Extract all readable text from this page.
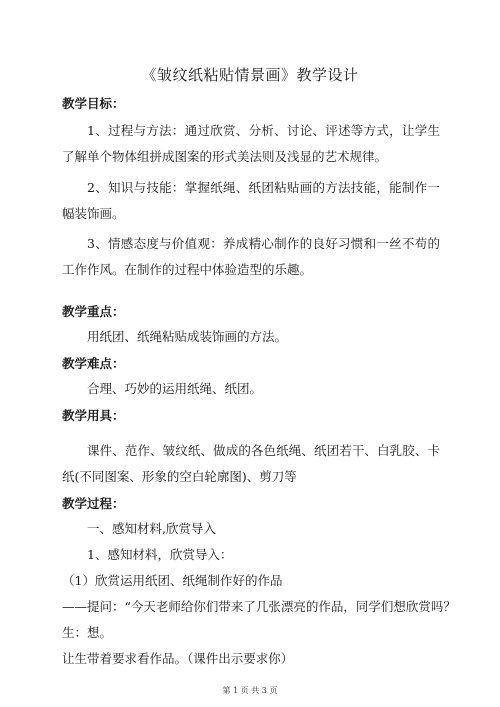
《皱纹纸粘贴情景画》教学设计
教学目标：
1、过程与方法：通过欣赏、分析、讨论、评述等方式，让学生了解单个物体组拼成图案的形式美法则及浅显的艺术规律。
2、知识与技能：掌握纸绳、纸团粘贴画的方法技能，能制作一幅装饰画。
3、情感态度与价值观：养成精心制作的良好习惯和一丝不苟的工作作风。在制作的过程中体验造型的乐趣。
教学重点：
用纸团、纸绳粘贴成装饰画的方法。
教学难点：
合理、巧妙的运用纸绳、纸团。
教学用具：
课件、范作、皱纹纸、做成的各色纸绳、纸团若干、白乳胶、卡纸(不同图案、形象的空白轮廓图)、剪刀等
教学过程：
一、感知材料,欣赏导入
1、感知材料，欣赏导入：
（1）欣赏运用纸团、纸绳制作好的作品
——提问：“今天老师给你们带来了几张漂亮的作品，同学们想欣赏吗？
生：想。
让生带着要求看作品。（课件出示要求你）
第 1 页 共 3 页
